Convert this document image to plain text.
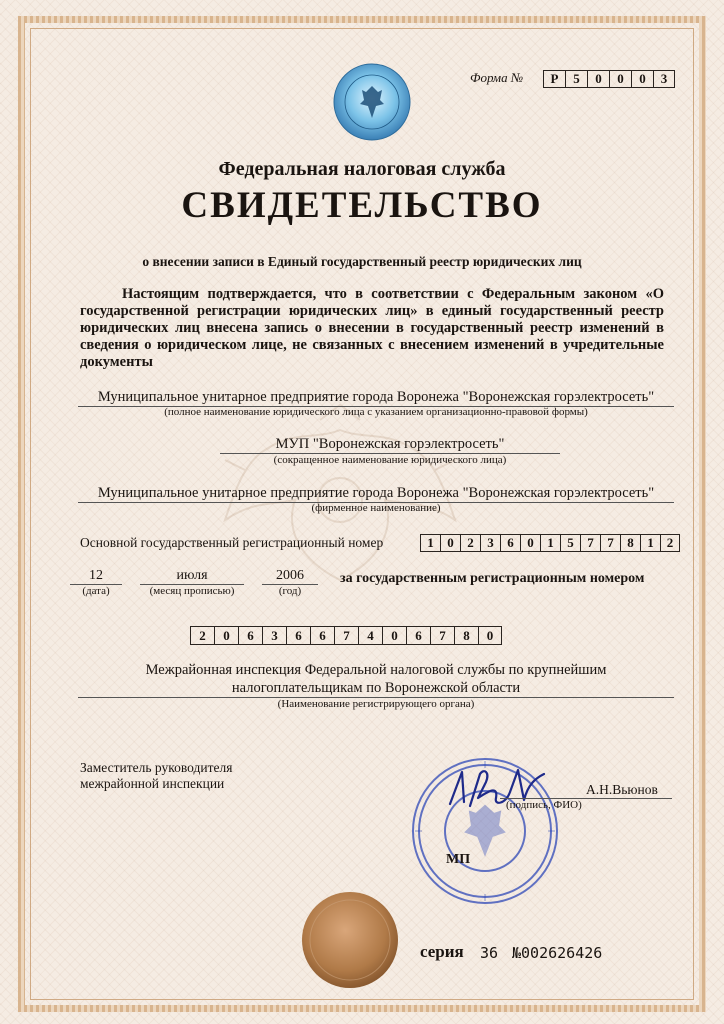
Форма №	Р	5	0	0	0	3
Федеральная налоговая служба
СВИДЕТЕЛЬСТВО
о внесении записи в Единый государственный реестр юридических лиц
Настоящим подтверждается, что в соответствии с Федеральным законом «О государственной регистрации юридических лиц» в единый государственный реестр юридических лиц внесена запись о внесении в государственный реестр изменений в сведения о юридическом лице, не связанных с внесением изменений в учредительные документы
Муниципальное унитарное предприятие города Воронежа "Воронежская горэлектросеть"
(полное наименование юридического лица с указанием организационно-правовой формы)
МУП "Воронежская горэлектросеть"
(сокращенное наименование юридического лица)
Муниципальное унитарное предприятие города Воронежа "Воронежская горэлектросеть"
(фирменное наименование)
Основной государственный регистрационный номер	1	0	2	3	6	0	1	5	7	7	8	1	2
12
(дата)
июля
(месяц прописью)
2006
(год)
за государственным регистрационным номером
2	0	6	3	6	6	7	4	0	6	7	8	0
Межрайонная инспекция Федеральной налоговой службы по крупнейшим
налогоплательщикам по Воронежской области
(Наименование регистрирующего органа)
Заместитель руководителя
межрайонной инспекции	А.Н.Вьюнов
(подпись, ФИО)
МП
серия 36 №002626426
